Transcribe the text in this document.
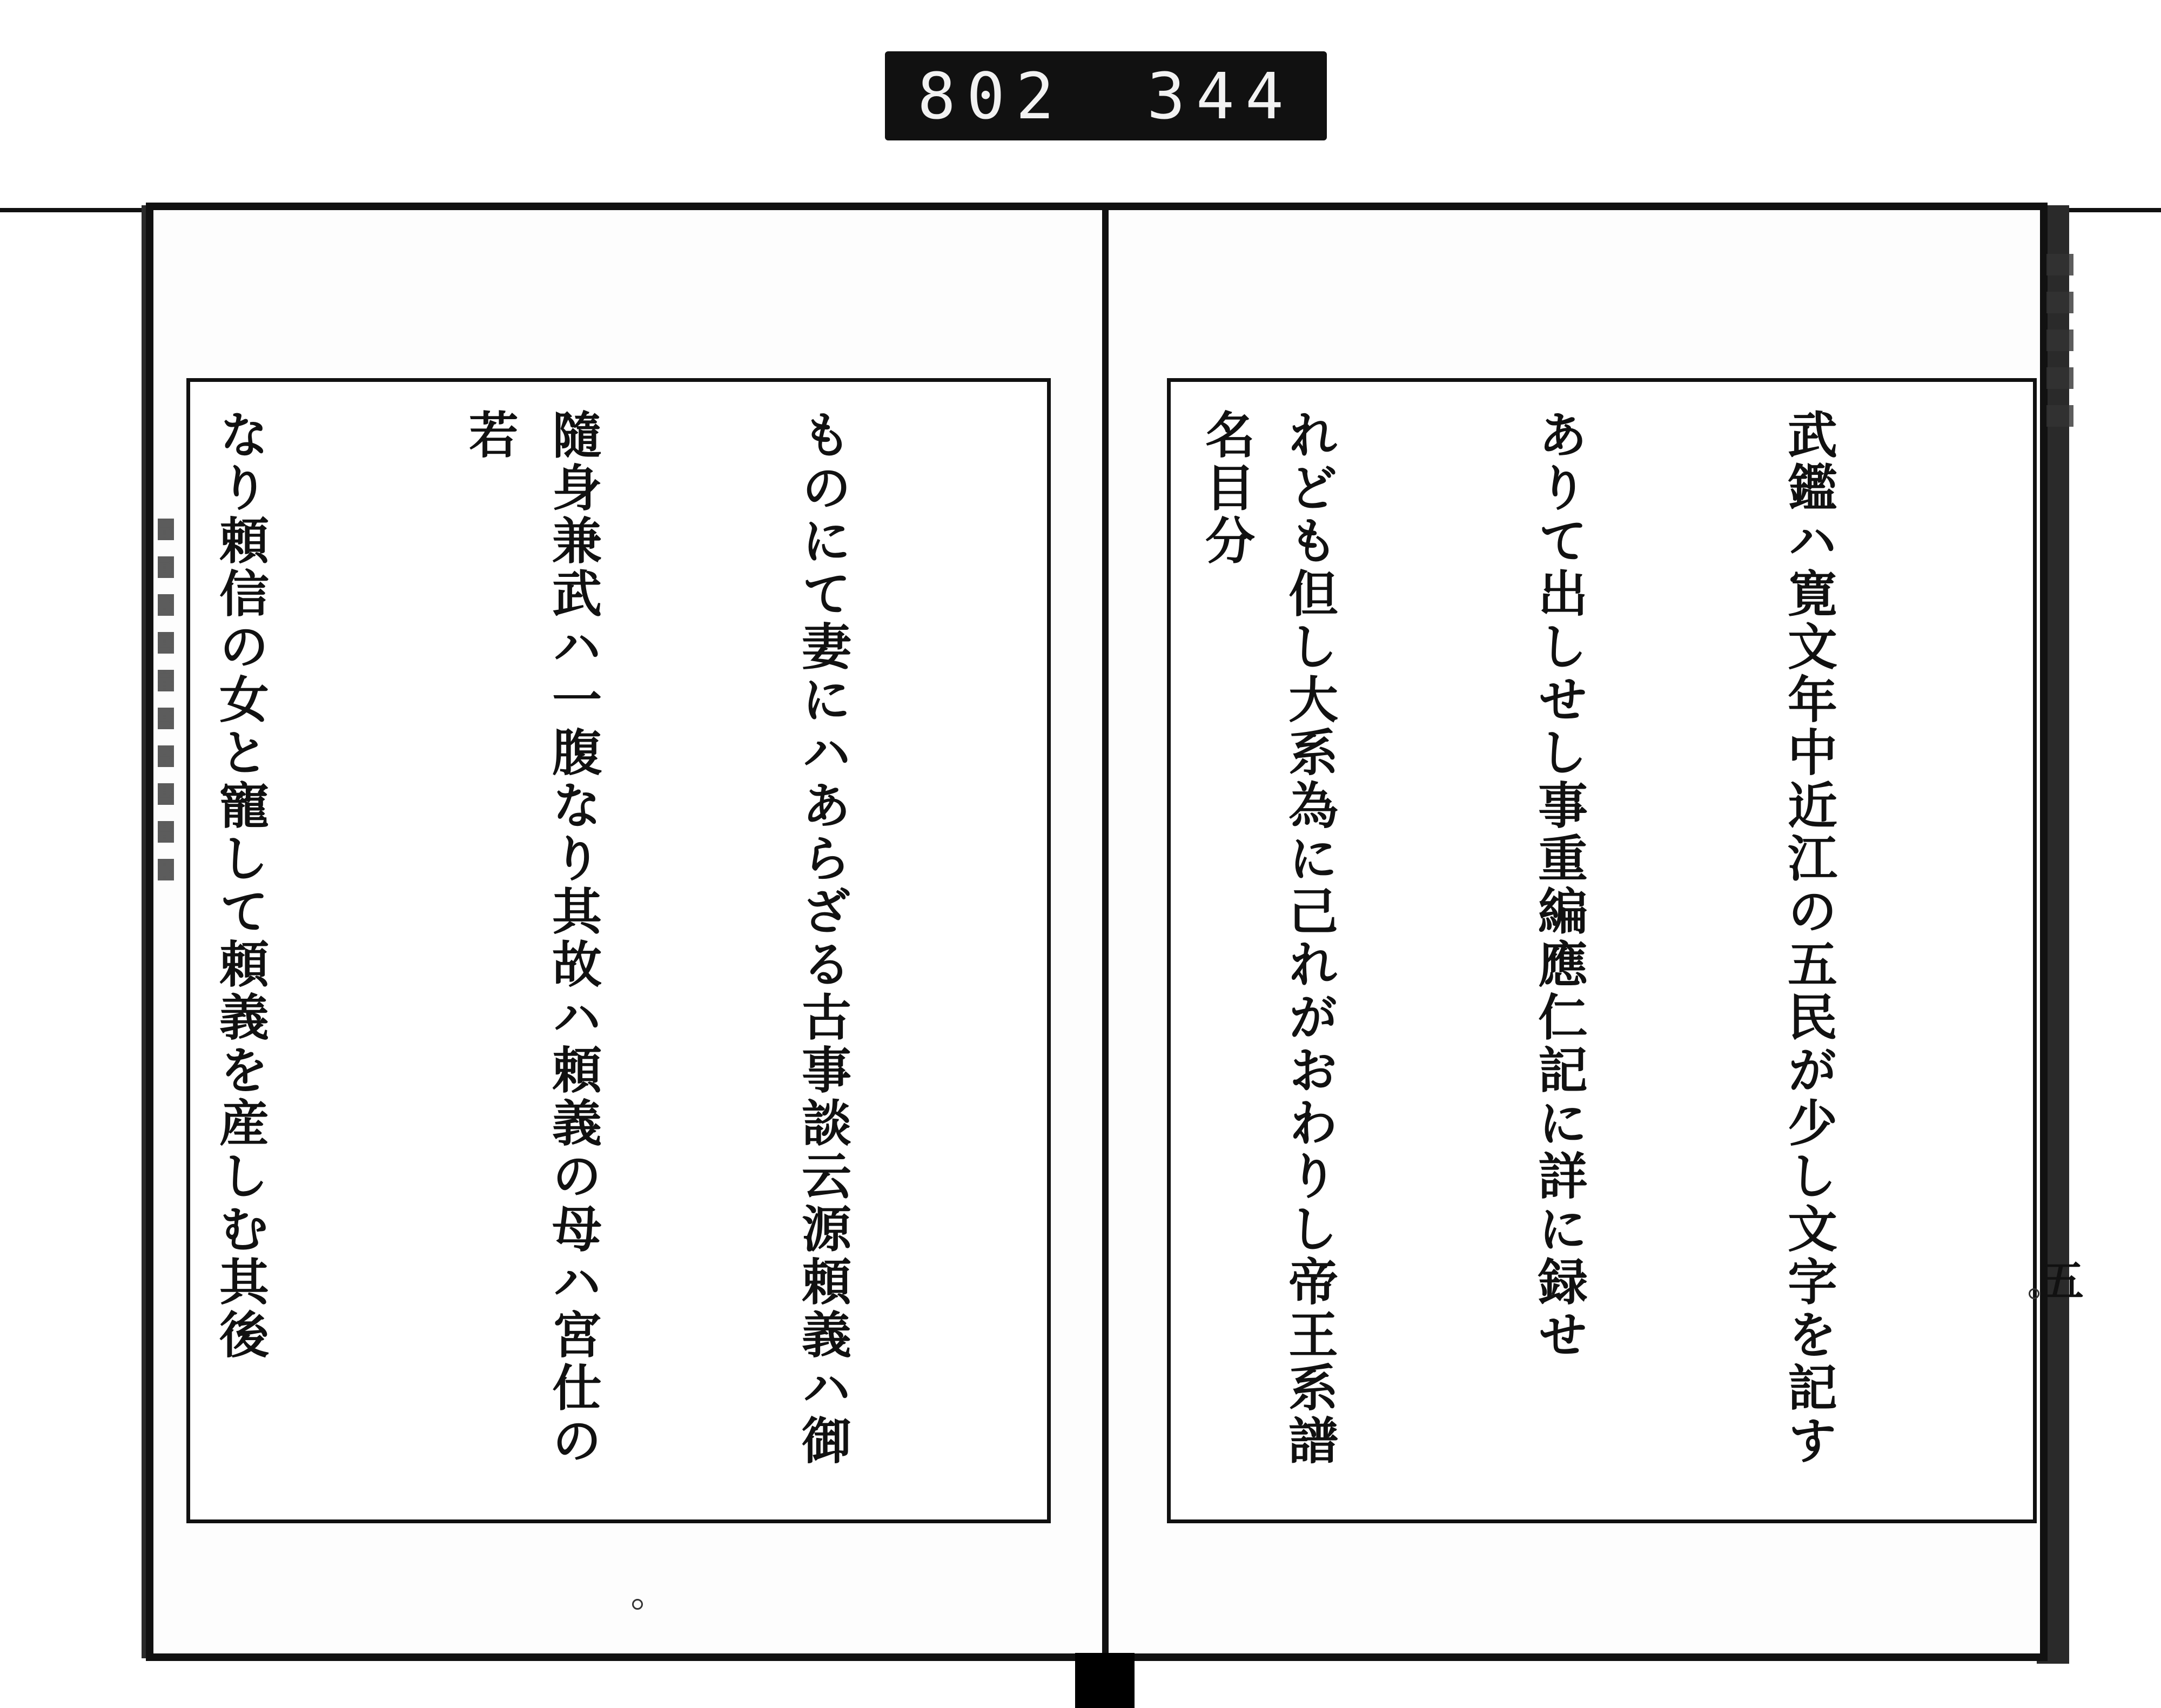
802 344

ものにて妻にハあらざる古事談云源頼義ハ御

隨身兼武ハ一腹なり其故ハ頼義の母ハ宮仕の若

なり頼信の女と寵して頼義を産しむ其後

	武鑑ハ寛文年中近江の五民が少し文字を記す

ありて出しせし事重編應仁記に詳に録せ

れども但し大系為に己れがおわりし帝王系譜名目分

五
